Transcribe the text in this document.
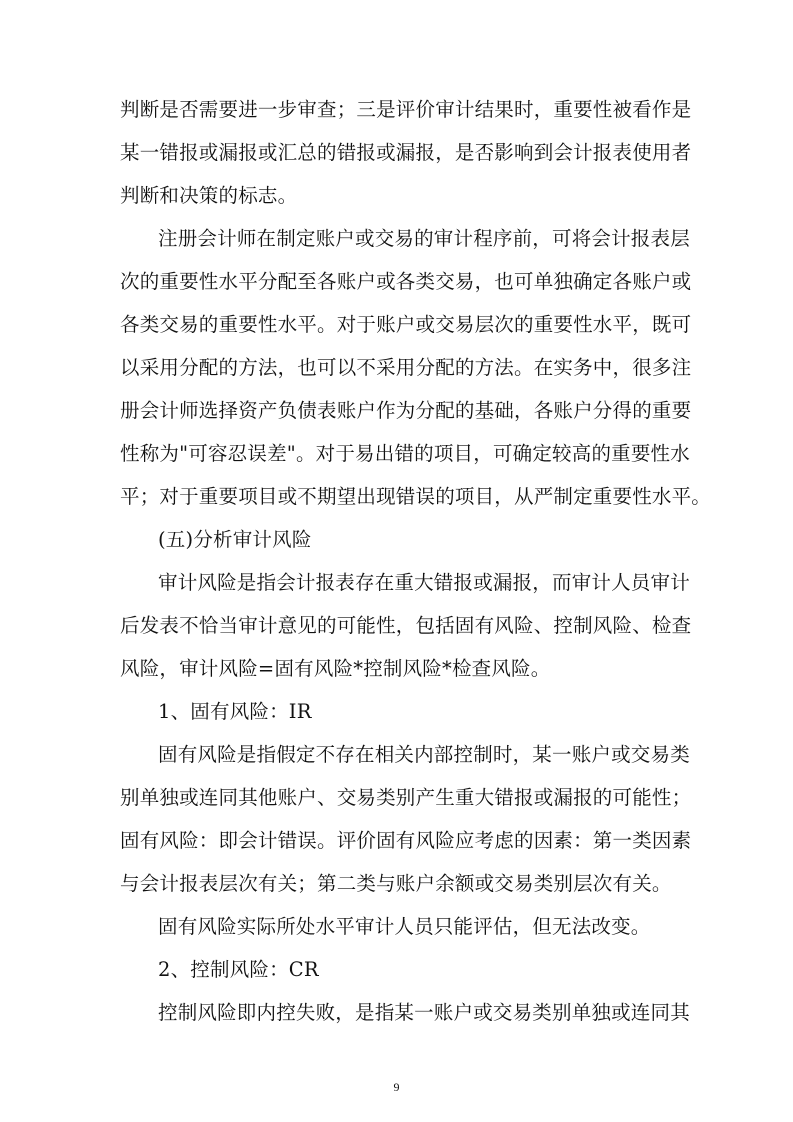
判断是否需要进一步审查；三是评价审计结果时，重要性被看作是
某一错报或漏报或汇总的错报或漏报，是否影响到会计报表使用者
判断和决策的标志。
注册会计师在制定账户或交易的审计程序前，可将会计报表层
次的重要性水平分配至各账户或各类交易，也可单独确定各账户或
各类交易的重要性水平。对于账户或交易层次的重要性水平，既可
以采用分配的方法，也可以不采用分配的方法。在实务中，很多注
册会计师选择资产负债表账户作为分配的基础，各账户分得的重要
性称为"可容忍误差"。对于易出错的项目，可确定较高的重要性水
平；对于重要项目或不期望出现错误的项目，从严制定重要性水平。
(五)分析审计风险
审计风险是指会计报表存在重大错报或漏报，而审计人员审计
后发表不恰当审计意见的可能性，包括固有风险、控制风险、检查
风险，审计风险=固有风险*控制风险*检查风险。
1、固有风险：IR
固有风险是指假定不存在相关内部控制时，某一账户或交易类
别单独或连同其他账户、交易类别产生重大错报或漏报的可能性；
固有风险：即会计错误。评价固有风险应考虑的因素：第一类因素
与会计报表层次有关；第二类与账户余额或交易类别层次有关。
固有风险实际所处水平审计人员只能评估，但无法改变。
2、控制风险：CR
控制风险即内控失败，是指某一账户或交易类别单独或连同其
9
